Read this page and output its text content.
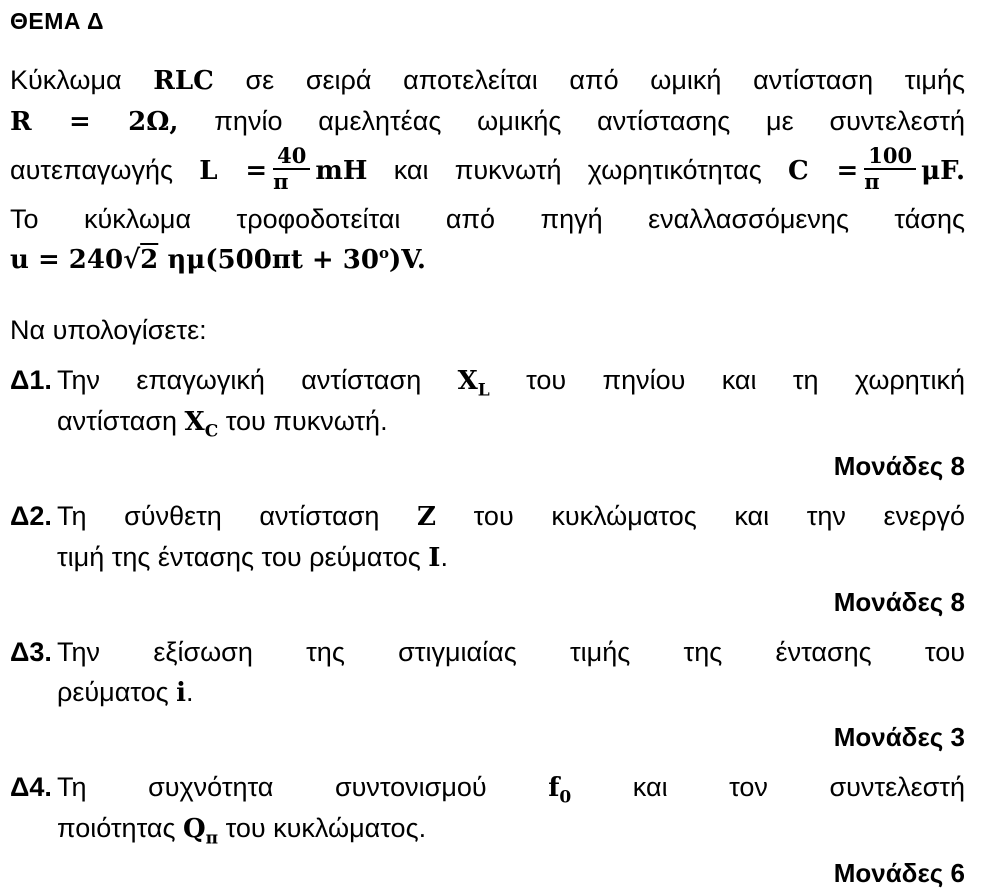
ΘΕΜΑ Δ
Κύκλωμα RLC σε σειρά αποτελείται από ωμική αντίσταση τιμής
R = 2Ω, πηνίο αμελητέας ωμικής αντίστασης με συντελεστή
αυτεπαγωγής $L = \frac{40}{\pi}$ mH και πυκνωτή χωρητικότητας $C = \frac{100}{\pi} \mu F$.
Το κύκλωμα τροφοδοτείται από πηγή εναλλασσόμενης τάσης
u = 240√2 $\eta\mu(500\pi t + 30^o)V$.
Να υπολογίσετε:
Δ1. Την επαγωγική αντίσταση $X_L$ του πηνίου και τη χωρητική
αντίσταση $X_C$ του πυκνωτή.
Μονάδες 8
Δ2. Τη σύνθετη αντίσταση Z του κυκλώματος και την ενεργό
τιμή της έντασης του ρεύματος I.
Μονάδες 8
Δ3. Την εξίσωση της στιγμιαίας τιμής της έντασης του
ρεύματος i.
Μονάδες 3
Δ4. Τη συχνότητα συντονισμού $f_0$ και τον συντελεστή
ποιότητας $Q_\pi$ του κυκλώματος.
Μονάδες 6
